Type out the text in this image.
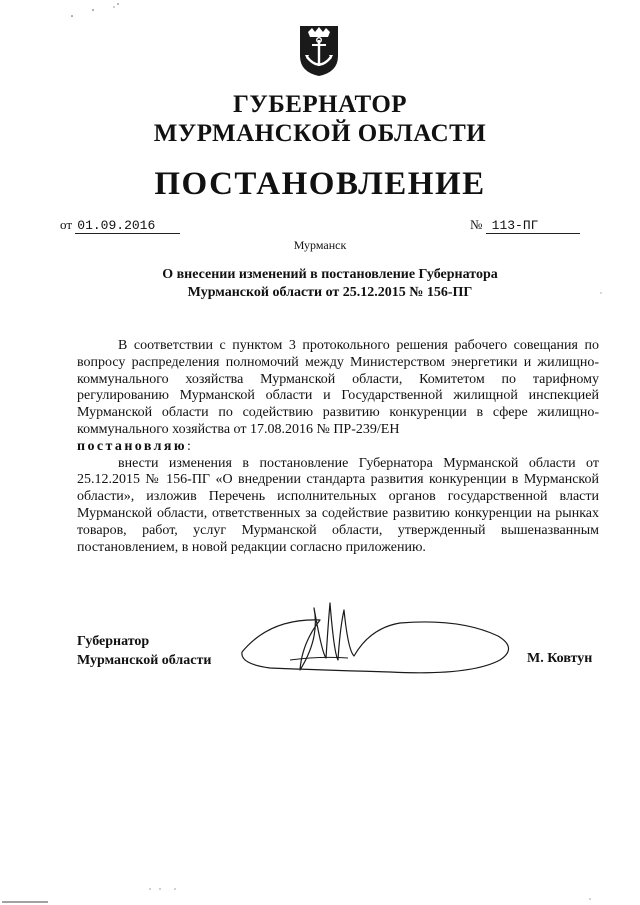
ГУБЕРНАТОР
МУРМАНСКОЙ ОБЛАСТИ
ПОСТАНОВЛЕНИЕ
от 01.09.2016	№ 113-ПГ
Мурманск
О внесении изменений в постановление Губернатора
Мурманской области от 25.12.2015 № 156-ПГ

В соответствии с пунктом 3 протокольного решения рабочего совещания по вопросу распределения полномочий между Министерством энергетики и жилищно-коммунального хозяйства Мурманской области, Комитетом по тарифному регулированию Мурманской области и Государственной жилищной инспекцией Мурманской области по содействию развитию конкуренции в сфере жилищно-коммунального хозяйства от 17.08.2016 № ПР-239/ЕН

постановляю:

внести изменения в постановление Губернатора Мурманской области от 25.12.2015 № 156-ПГ «О внедрении стандарта развития конкуренции в Мурманской области», изложив Перечень исполнительных органов государственной власти Мурманской области, ответственных за содействие развитию конкуренции на рынках товаров, работ, услуг Мурманской области, утвержденный вышеназванным постановлением, в новой редакции согласно приложению.

Губернатор
Мурманской области	М. Ковтун
